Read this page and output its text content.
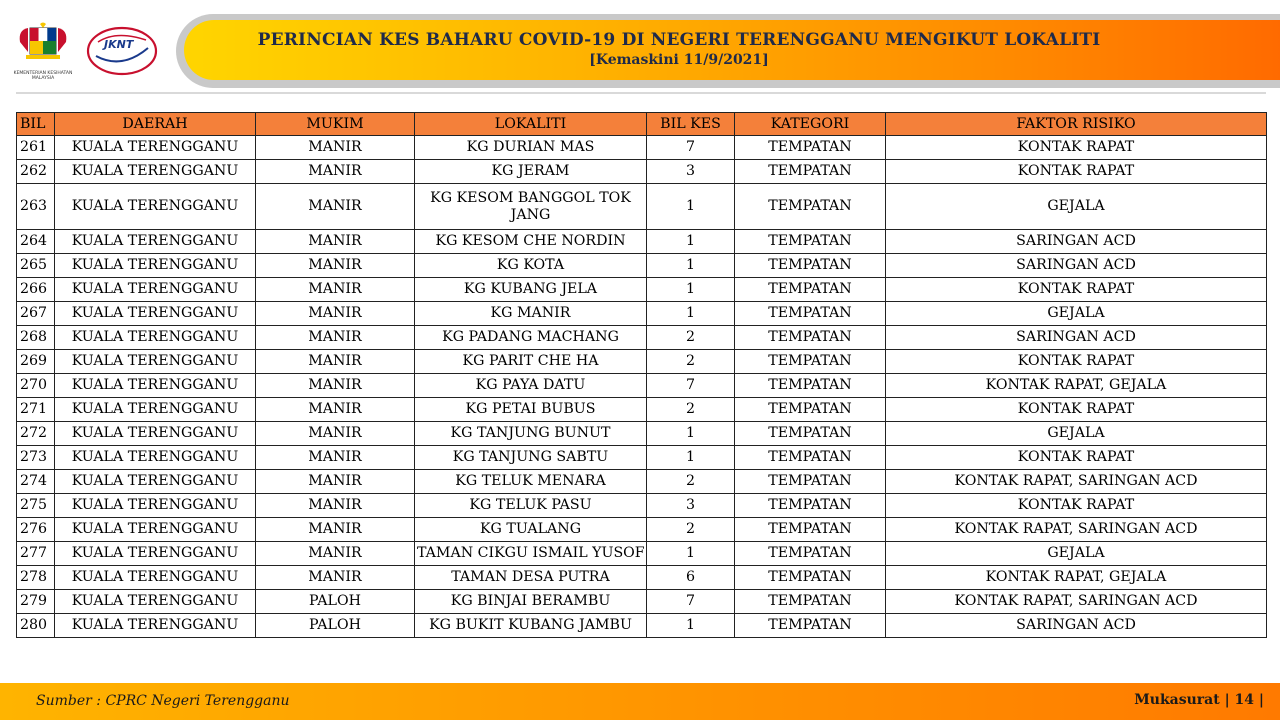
KEMENTERIAN KESIHATAN MALAYSIA
JKNT	PERINCIAN KES BAHARU COVID-19 DI NEGERI TERENGGANU MENGIKUT LOKALITI
[Kemaskini 11/9/2021]
BIL	DAERAH	MUKIM	LOKALITI	BIL KES	KATEGORI	FAKTOR RISIKO
261	KUALA TERENGGANU	MANIR	KG DURIAN MAS	7	TEMPATAN	KONTAK RAPAT
262	KUALA TERENGGANU	MANIR	KG JERAM	3	TEMPATAN	KONTAK RAPAT
263	KUALA TERENGGANU	MANIR	KG KESOM BANGGOL TOK JANG	1	TEMPATAN	GEJALA
264	KUALA TERENGGANU	MANIR	KG KESOM CHE NORDIN	1	TEMPATAN	SARINGAN ACD
265	KUALA TERENGGANU	MANIR	KG KOTA	1	TEMPATAN	SARINGAN ACD
266	KUALA TERENGGANU	MANIR	KG KUBANG JELA	1	TEMPATAN	KONTAK RAPAT
267	KUALA TERENGGANU	MANIR	KG MANIR	1	TEMPATAN	GEJALA
268	KUALA TERENGGANU	MANIR	KG PADANG MACHANG	2	TEMPATAN	SARINGAN ACD
269	KUALA TERENGGANU	MANIR	KG PARIT CHE HA	2	TEMPATAN	KONTAK RAPAT
270	KUALA TERENGGANU	MANIR	KG PAYA DATU	7	TEMPATAN	KONTAK RAPAT, GEJALA
271	KUALA TERENGGANU	MANIR	KG PETAI BUBUS	2	TEMPATAN	KONTAK RAPAT
272	KUALA TERENGGANU	MANIR	KG TANJUNG BUNUT	1	TEMPATAN	GEJALA
273	KUALA TERENGGANU	MANIR	KG TANJUNG SABTU	1	TEMPATAN	KONTAK RAPAT
274	KUALA TERENGGANU	MANIR	KG TELUK MENARA	2	TEMPATAN	KONTAK RAPAT, SARINGAN ACD
275	KUALA TERENGGANU	MANIR	KG TELUK PASU	3	TEMPATAN	KONTAK RAPAT
276	KUALA TERENGGANU	MANIR	KG TUALANG	2	TEMPATAN	KONTAK RAPAT, SARINGAN ACD
277	KUALA TERENGGANU	MANIR	TAMAN CIKGU ISMAIL YUSOF	1	TEMPATAN	GEJALA
278	KUALA TERENGGANU	MANIR	TAMAN DESA PUTRA	6	TEMPATAN	KONTAK RAPAT, GEJALA
279	KUALA TERENGGANU	PALOH	KG BINJAI BERAMBU	7	TEMPATAN	KONTAK RAPAT, SARINGAN ACD
280	KUALA TERENGGANU	PALOH	KG BUKIT KUBANG JAMBU	1	TEMPATAN	SARINGAN ACD
Sumber : CPRC Negeri Terengganu	Mukasurat | 14 |
